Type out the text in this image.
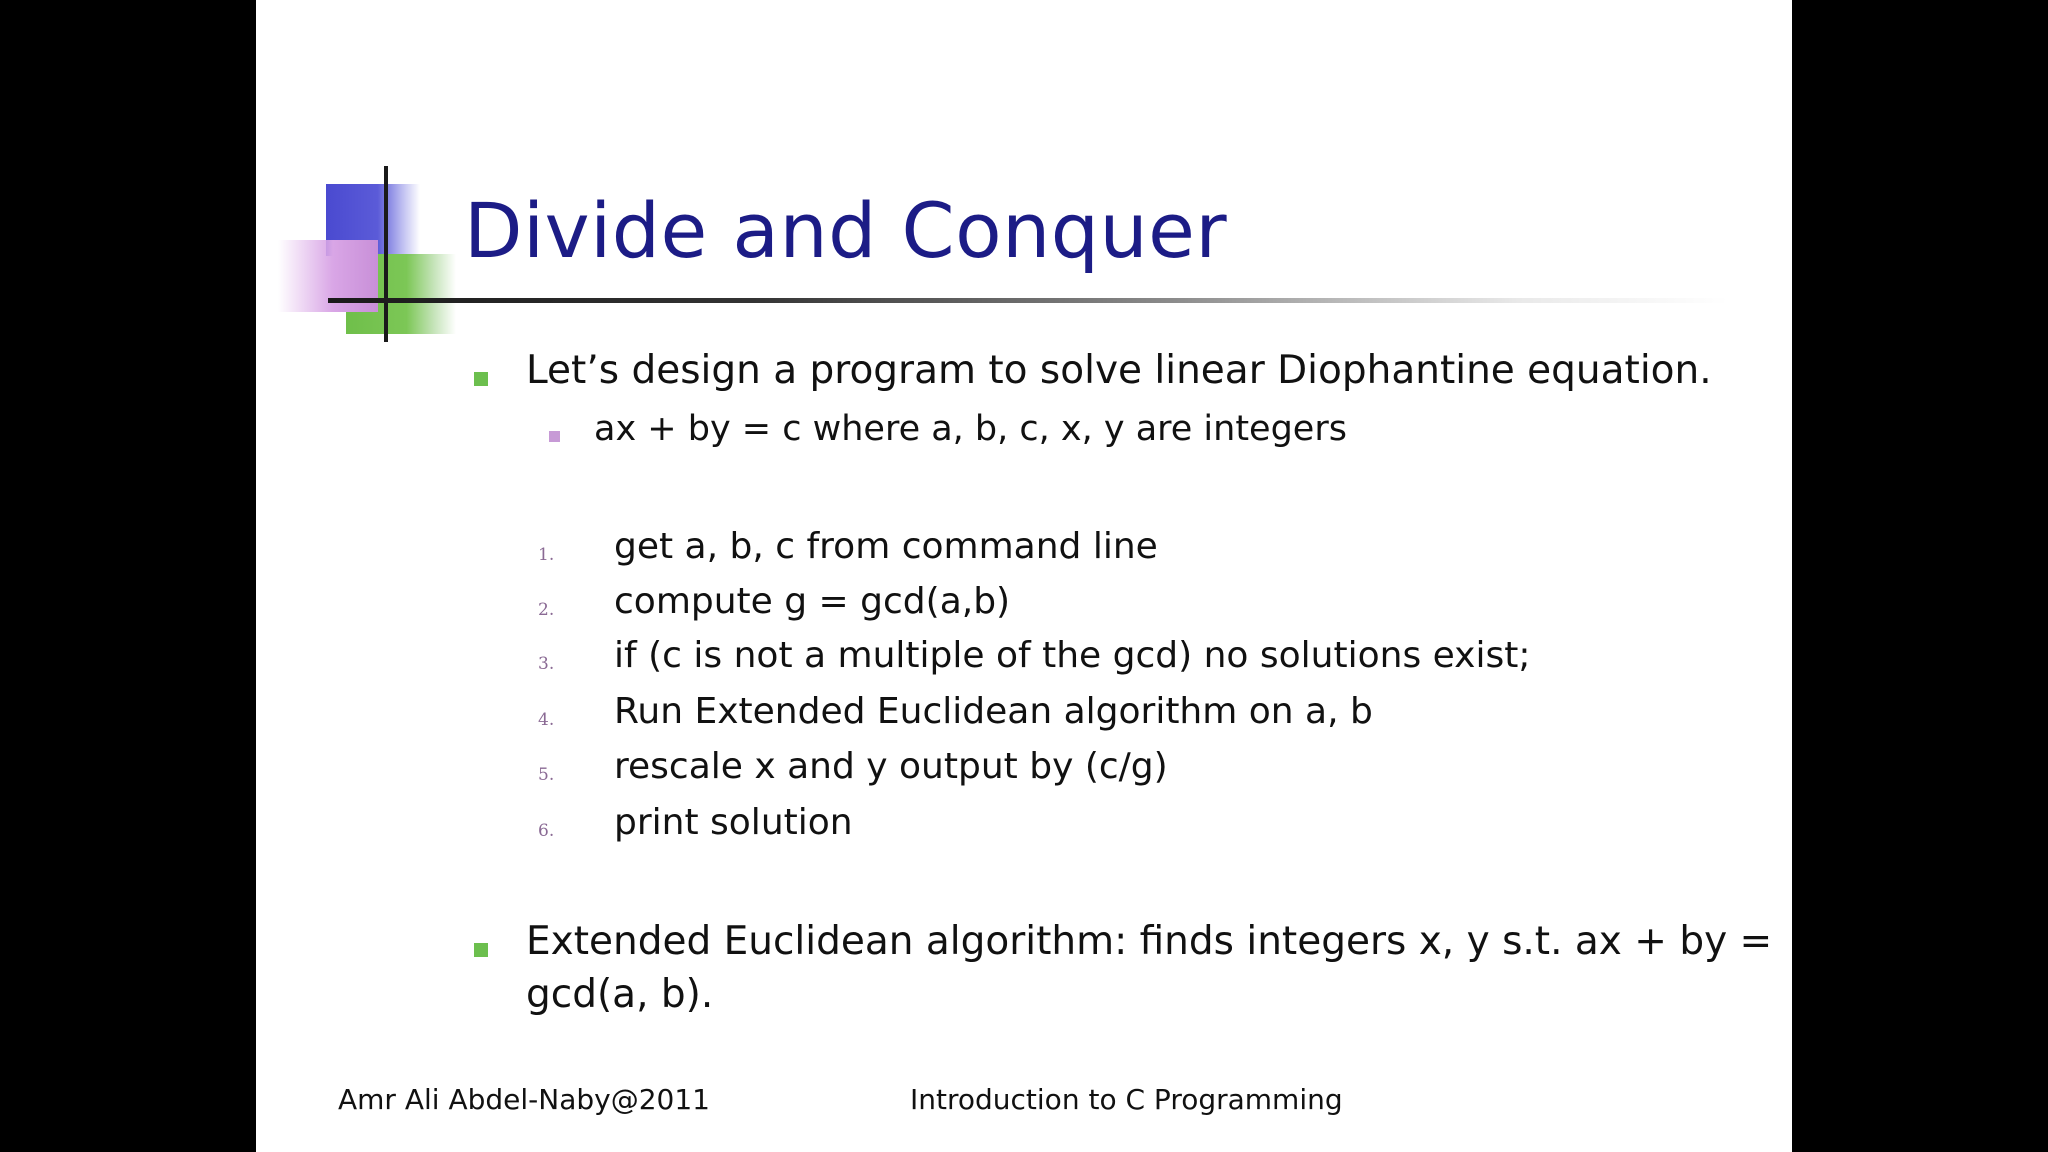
Divide and Conquer
Let’s design a program to solve linear Diophantine equation.
ax + by = c where a, b, c, x, y are integers
1. get a, b, c from command line
2. compute g = gcd(a,b)
3. if (c is not a multiple of the gcd) no solutions exist;
4. Run Extended Euclidean algorithm on a, b
5. rescale x and y output by (c/g)
6. print solution
Extended Euclidean algorithm: finds integers x, y s.t. ax + by =
gcd(a, b).
Amr Ali Abdel-Naby@2011	Introduction to C Programming
